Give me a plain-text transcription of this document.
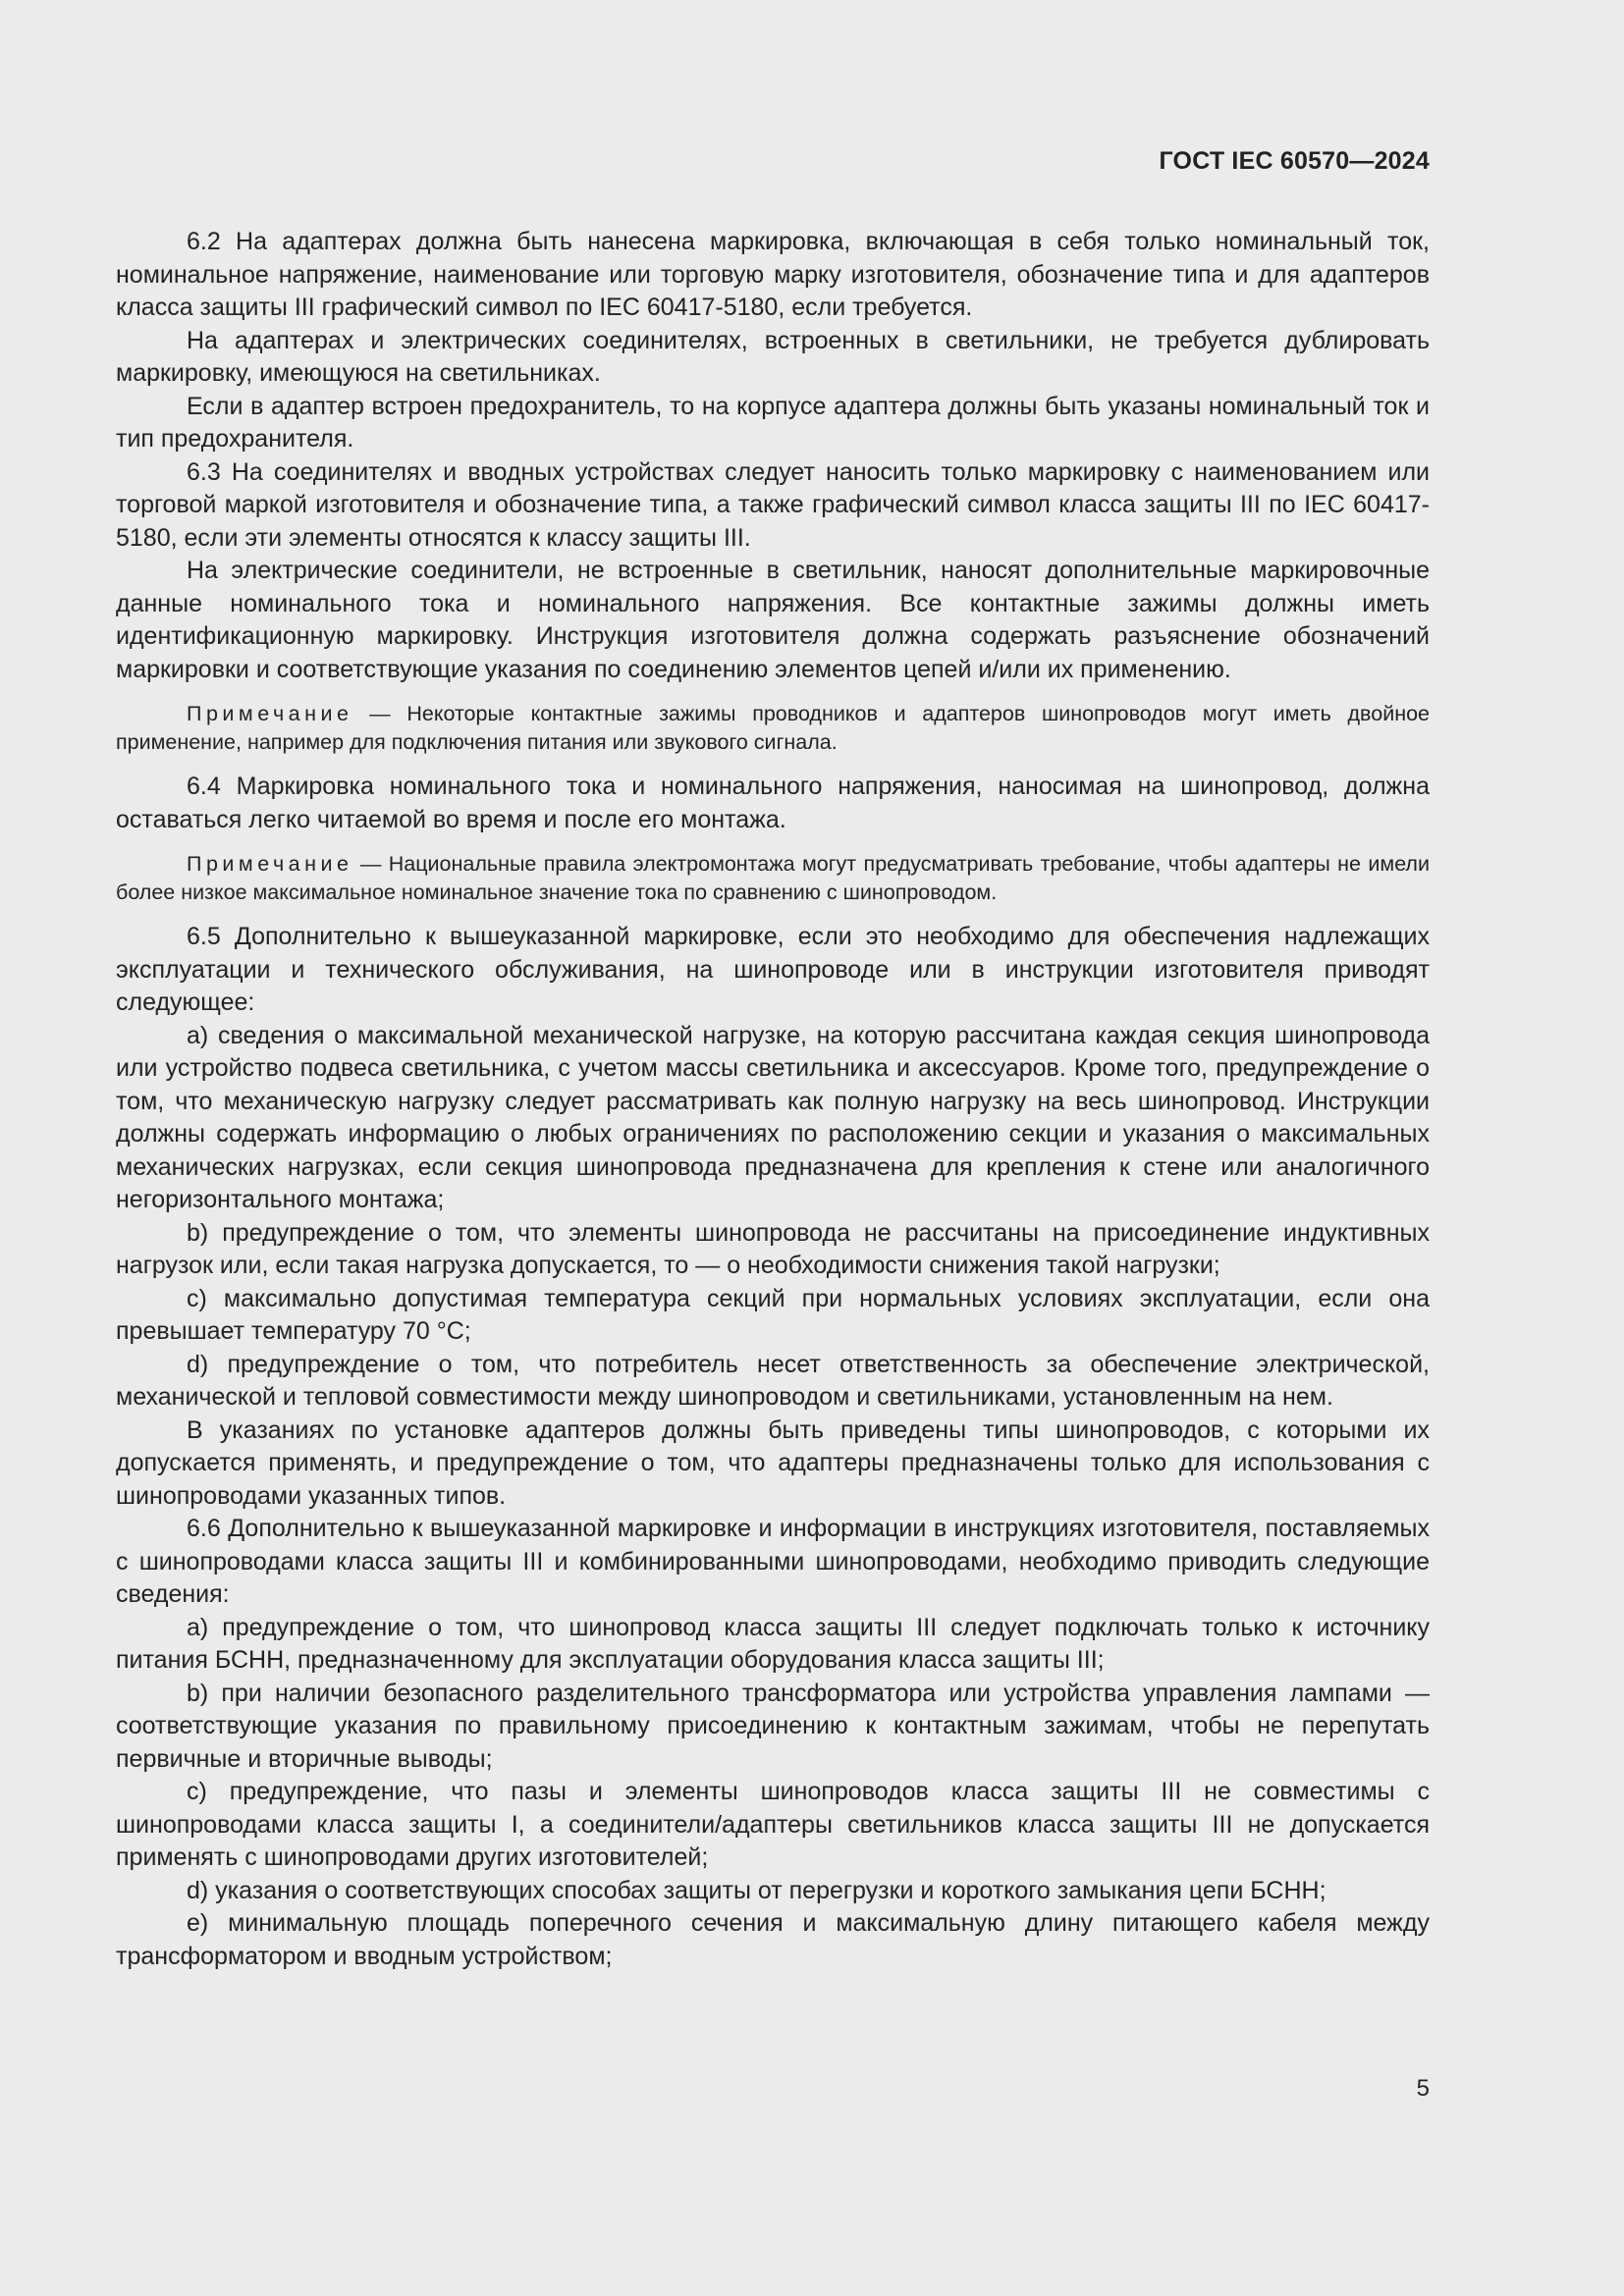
ГОСТ IEC 60570—2024

6.2 На адаптерах должна быть нанесена маркировка, включающая в себя только номинальный ток, номинальное напряжение, наименование или торговую марку изготовителя, обозначение типа и для адаптеров класса защиты III графический символ по IEC 60417-5180, если требуется.

На адаптерах и электрических соединителях, встроенных в светильники, не требуется дублировать маркировку, имеющуюся на светильниках.

Если в адаптер встроен предохранитель, то на корпусе адаптера должны быть указаны номинальный ток и тип предохранителя.

6.3 На соединителях и вводных устройствах следует наносить только маркировку с наименованием или торговой маркой изготовителя и обозначение типа, а также графический символ класса защиты III по IEC 60417-5180, если эти элементы относятся к классу защиты III.

На электрические соединители, не встроенные в светильник, наносят дополнительные маркировочные данные номинального тока и номинального напряжения. Все контактные зажимы должны иметь идентификационную маркировку. Инструкция изготовителя должна содержать разъяснение обозначений маркировки и соответствующие указания по соединению элементов цепей и/или их применению.

Примечание — Некоторые контактные зажимы проводников и адаптеров шинопроводов могут иметь двойное применение, например для подключения питания или звукового сигнала.

6.4 Маркировка номинального тока и номинального напряжения, наносимая на шинопровод, должна оставаться легко читаемой во время и после его монтажа.

Примечание — Национальные правила электромонтажа могут предусматривать требование, чтобы адаптеры не имели более низкое максимальное номинальное значение тока по сравнению с шинопроводом.

6.5 Дополнительно к вышеуказанной маркировке, если это необходимо для обеспечения надлежащих эксплуатации и технического обслуживания, на шинопроводе или в инструкции изготовителя приводят следующее:

а) сведения о максимальной механической нагрузке, на которую рассчитана каждая секция шинопровода или устройство подвеса светильника, с учетом массы светильника и аксессуаров. Кроме того, предупреждение о том, что механическую нагрузку следует рассматривать как полную нагрузку на весь шинопровод. Инструкции должны содержать информацию о любых ограничениях по расположению секции и указания о максимальных механических нагрузках, если секция шинопровода предназначена для крепления к стене или аналогичного негоризонтального монтажа;

b) предупреждение о том, что элементы шинопровода не рассчитаны на присоединение индуктивных нагрузок или, если такая нагрузка допускается, то — о необходимости снижения такой нагрузки;

c) максимально допустимая температура секций при нормальных условиях эксплуатации, если она превышает температуру 70 °C;

d) предупреждение о том, что потребитель несет ответственность за обеспечение электрической, механической и тепловой совместимости между шинопроводом и светильниками, установленным на нем.

В указаниях по установке адаптеров должны быть приведены типы шинопроводов, с которыми их допускается применять, и предупреждение о том, что адаптеры предназначены только для использования с шинопроводами указанных типов.

6.6 Дополнительно к вышеуказанной маркировке и информации в инструкциях изготовителя, поставляемых с шинопроводами класса защиты III и комбинированными шинопроводами, необходимо приводить следующие сведения:

а) предупреждение о том, что шинопровод класса защиты III следует подключать только к источнику питания БСНН, предназначенному для эксплуатации оборудования класса защиты III;

b) при наличии безопасного разделительного трансформатора или устройства управления лампами — соответствующие указания по правильному присоединению к контактным зажимам, чтобы не перепутать первичные и вторичные выводы;

c) предупреждение, что пазы и элементы шинопроводов класса защиты III не совместимы с шинопроводами класса защиты I, а соединители/адаптеры светильников класса защиты III не допускается применять с шинопроводами других изготовителей;

d) указания о соответствующих способах защиты от перегрузки и короткого замыкания цепи БСНН;

e) минимальную площадь поперечного сечения и максимальную длину питающего кабеля между трансформатором и вводным устройством;

5
